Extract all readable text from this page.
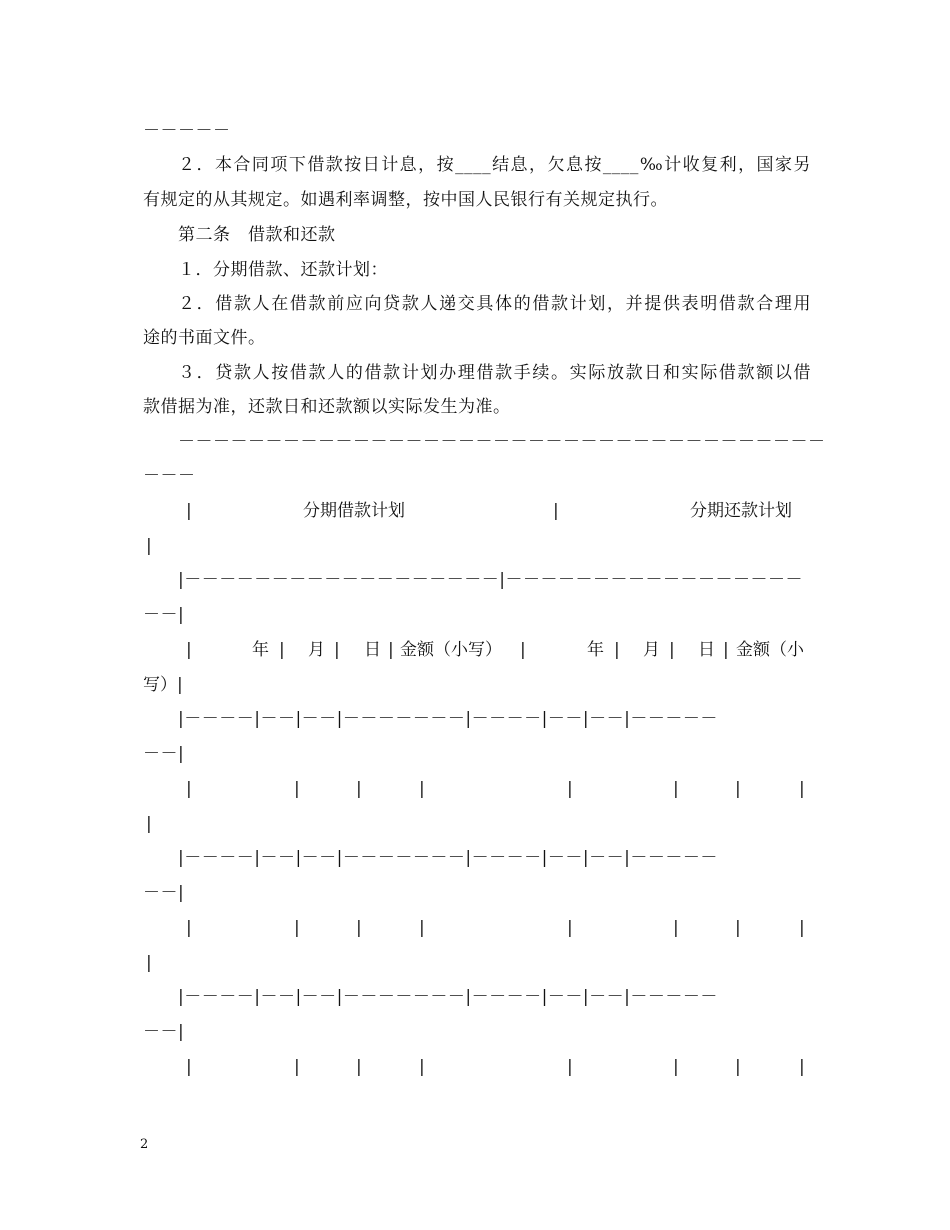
－－－－－

２．本合同项下借款按日计息，按____结息，欠息按____‰计收复利，国家另

有规定的从其规定。如遇利率调整，按中国人民银行有关规定执行。

第二条　借款和还款

１．分期借款、还款计划：

２．借款人在借款前应向贷款人递交具体的借款计划，并提供表明借款合理用

途的书面文件。

３．贷款人按借款人的借款计划办理借款手续。实际放款日和实际借款额以借

款借据为准，还款日和还款额以实际发生为准。

－－－－－－－－－－－－－－－－－－－－－－－－－－－－－－－－－－－－－

－－－

|	分期借款计划	|	分期还款计划
|

|－－－－－－－－－－－－－－－－－－|－－－－－－－－－－－－－－－－－

－－|

|	年 | 月 | 日 | 金额（小写） |	年 | 月 | 日 | 金额（小
写）|

|－－－－|－－|－－|－－－－－－－|－－－－|－－|－－|－－－－－

－－|

|	|	|	|	|	|	|	|
|

|－－－－|－－|－－|－－－－－－－|－－－－|－－|－－|－－－－－

－－|

|	|	|	|	|	|	|	|
|

|－－－－|－－|－－|－－－－－－－|－－－－|－－|－－|－－－－－

－－|

|	|	|	|	|	|	|	|
2
